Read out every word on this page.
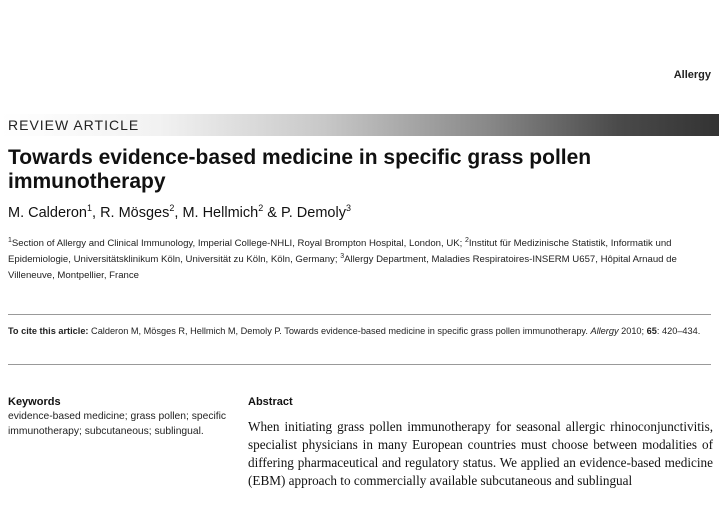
Allergy
REVIEW ARTICLE
Towards evidence-based medicine in specific grass pollen immunotherapy

M. Calderon$^1$, R. Mösges$^2$, M. Hellmich$^2$ & P. Demoly$^3$

$^1$Section of Allergy and Clinical Immunology, Imperial College-NHLI, Royal Brompton Hospital, London, UK; $^2$Institut für Medizinische Statistik, Informatik und Epidemiologie, Universitätsklinikum Köln, Universität zu Köln, Köln, Germany; $^3$Allergy Department, Maladies Respiratoires-INSERM U657, Hôpital Arnaud de Villeneuve, Montpellier, France

To cite this article: Calderon M, Mösges R, Hellmich M, Demoly P. Towards evidence-based medicine in specific grass pollen immunotherapy. Allergy 2010; 65: 420–434.

Keywords

evidence-based medicine; grass pollen; specific immunotherapy; subcutaneous; sublingual.

Abstract

When initiating grass pollen immunotherapy for seasonal allergic rhinoconjunctivitis, specialist physicians in many European countries must choose between modalities of differing pharmaceutical and regulatory status. We applied an evidence-based medicine (EBM) approach to commercially available subcutaneous and sublingual
